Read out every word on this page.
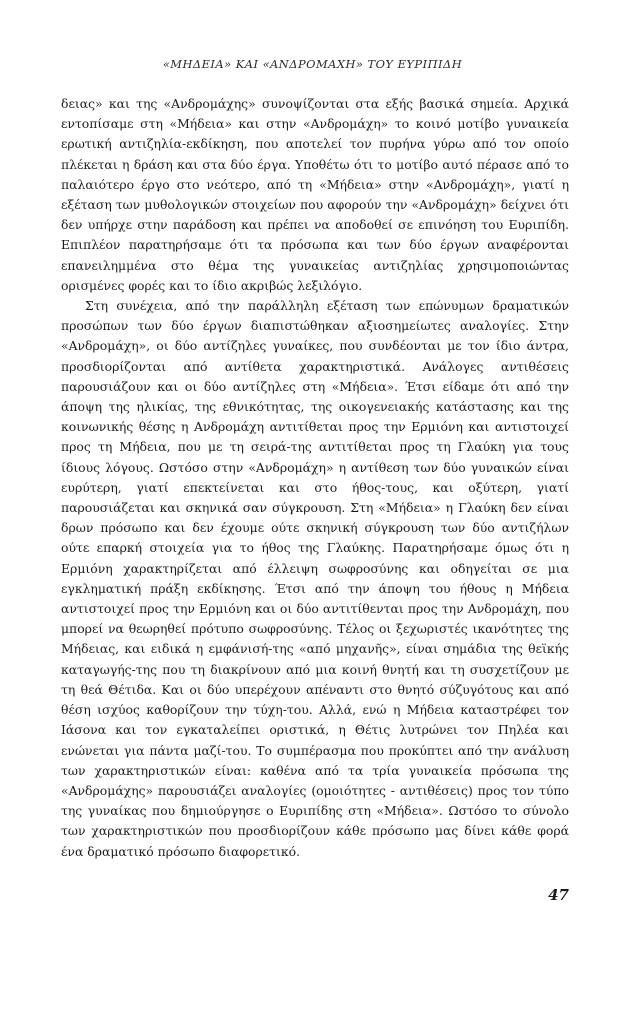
«ΜΗΔΕΙΑ» ΚΑΙ «ΑΝΔΡΟΜΑΧΗ» ΤΟΥ ΕΥΡΙΠΙΔΗ

δειας» και της «Ανδρομάχης» συνοψίζονται στα εξής βασικά σημεία. Αρχικά εντοπίσαμε στη «Μήδεια» και στην «Ανδρομάχη» το κοινό μοτίβο γυναικεία ερωτική αντιζηλία-εκδίκηση, που αποτελεί τον πυρήνα γύρω από τον οποίο πλέκεται η δράση και στα δύο έργα. Υποθέτω ότι το μοτίβο αυτό πέρασε από το παλαιότερο έργο στο νεότερο, από τη «Μήδεια» στην «Ανδρομάχη», γιατί η εξέταση των μυθολογικών στοιχείων που αφορούν την «Ανδρομάχη» δείχνει ότι δεν υπήρχε στην παράδοση και πρέπει να αποδοθεί σε επινόηση του Ευριπίδη. Επιπλέον παρατηρήσαμε ότι τα πρόσωπα και των δύο έργων αναφέρονται επανειλημμένα στο θέμα της γυναικείας αντιζηλίας χρησιμοποιώντας ορισμένες φορές και το ίδιο ακριβώς λεξιλόγιο.

Στη συνέχεια, από την παράλληλη εξέταση των επώνυμων δραματικών προσώπων των δύο έργων διαπιστώθηκαν αξιοσημείωτες αναλογίες. Στην «Ανδρομάχη», οι δύο αντίζηλες γυναίκες, που συνδέονται με τον ίδιο άντρα, προσδιορίζονται από αντίθετα χαρακτηριστικά. Ανάλογες αντιθέσεις παρουσιάζουν και οι δύο αντίζηλες στη «Μήδεια». Έτσι είδαμε ότι από την άποψη της ηλικίας, της εθνικότητας, της οικογενειακής κατάστασης και της κοινωνικής θέσης η Ανδρομάχη αντιτίθεται προς την Ερμιόνη και αντιστοιχεί προς τη Μήδεια, που με τη σειρά-της αντιτίθεται προς τη Γλαύκη για τους ίδιους λόγους. Ωστόσο στην «Ανδρομάχη» η αντίθεση των δύο γυναικών είναι ευρύτερη, γιατί επεκτείνεται και στο ήθος-τους, και οξύτερη, γιατί παρουσιάζεται και σκηνικά σαν σύγκρουση. Στη «Μήδεια» η Γλαύκη δεν είναι δρων πρόσωπο και δεν έχουμε ούτε σκηνική σύγκρουση των δύο αντιζήλων ούτε επαρκή στοιχεία για το ήθος της Γλαύκης. Παρατηρήσαμε όμως ότι η Ερμιόνη χαρακτηρίζεται από έλλειψη σωφροσύνης και οδηγείται σε μια εγκληματική πράξη εκδίκησης. Έτσι από την άποψη του ήθους η Μήδεια αντιστοιχεί προς την Ερμιόνη και οι δύο αντιτίθενται προς την Ανδρομάχη, που μπορεί να θεωρηθεί πρότυπο σωφροσύνης. Τέλος οι ξεχωριστές ικανότητες της Μήδειας, και ειδικά η εμφάνισή-της «από μηχανῆς», είναι σημάδια της θεϊκής καταγωγής-της που τη διακρίνουν από μια κοινή θνητή και τη συσχετίζουν με τη θεά Θέτιδα. Και οι δύο υπερέχουν απέναντι στο θνητό σύζυγότους και από θέση ισχύος καθορίζουν την τύχη-του. Αλλά, ενώ η Μήδεια καταστρέφει τον Ιάσονα και τον εγκαταλείπει οριστικά, η Θέτις λυτρώνει τον Πηλέα και ενώνεται για πάντα μαζί-του. Το συμπέρασμα που προκύπτει από την ανάλυση των χαρακτηριστικών είναι: καθένα από τα τρία γυναικεία πρόσωπα της «Ανδρομάχης» παρουσιάζει αναλογίες (ομοιότητες - αντιθέσεις) προς τον τύπο της γυναίκας που δημιούργησε ο Ευριπίδης στη «Μήδεια». Ωστόσο το σύνολο των χαρακτηριστικών που προσδιορίζουν κάθε πρόσωπο μας δίνει κάθε φορά ένα δραματικό πρόσωπο διαφορετικό.

47
